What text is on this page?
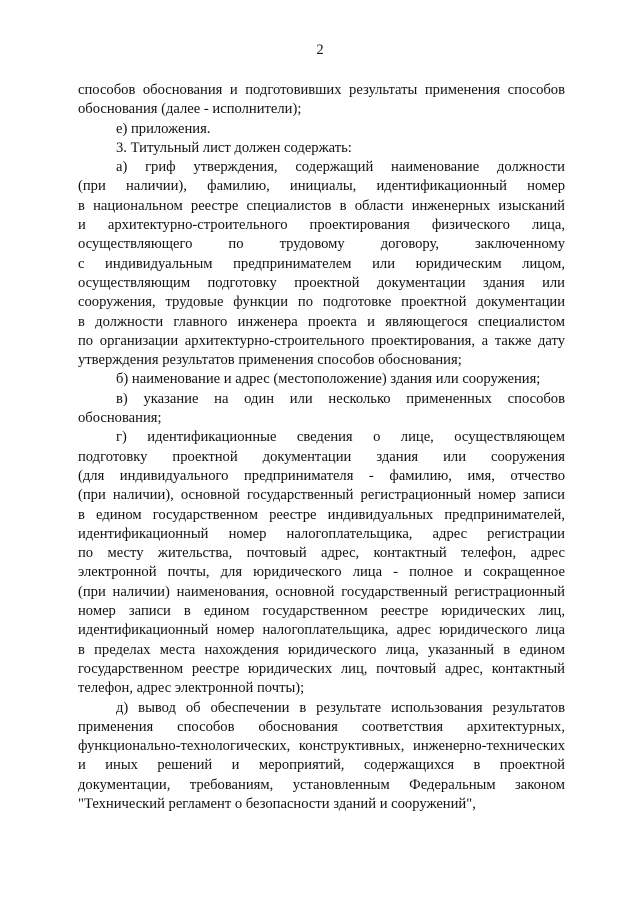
2
способов обоснования и подготовивших результаты применения способов
обоснования (далее - исполнители);
е) приложения.
3. Титульный лист должен содержать:
а) гриф утверждения, содержащий наименование должности
(при наличии), фамилию, инициалы, идентификационный номер
в национальном реестре специалистов в области инженерных изысканий
и архитектурно-строительного проектирования физического лица,
осуществляющего по трудовому договору, заключенному
с индивидуальным предпринимателем или юридическим лицом,
осуществляющим подготовку проектной документации здания или
сооружения, трудовые функции по подготовке проектной документации
в должности главного инженера проекта и являющегося специалистом
по организации архитектурно-строительного проектирования, а также дату
утверждения результатов применения способов обоснования;
б) наименование и адрес (местоположение) здания или сооружения;
в) указание на один или несколько примененных способов
обоснования;
г) идентификационные сведения о лице, осуществляющем
подготовку проектной документации здания или сооружения
(для индивидуального предпринимателя - фамилию, имя, отчество
(при наличии), основной государственный регистрационный номер записи
в едином государственном реестре индивидуальных предпринимателей,
идентификационный номер налогоплательщика, адрес регистрации
по месту жительства, почтовый адрес, контактный телефон, адрес
электронной почты, для юридического лица - полное и сокращенное
(при наличии) наименования, основной государственный регистрационный
номер записи в едином государственном реестре юридических лиц,
идентификационный номер налогоплательщика, адрес юридического лица
в пределах места нахождения юридического лица, указанный в едином
государственном реестре юридических лиц, почтовый адрес, контактный
телефон, адрес электронной почты);
д) вывод об обеспечении в результате использования результатов
применения способов обоснования соответствия архитектурных,
функционально-технологических, конструктивных, инженерно-технических
и иных решений и мероприятий, содержащихся в проектной
документации, требованиям, установленным Федеральным законом
"Технический регламент о безопасности зданий и сооружений",
